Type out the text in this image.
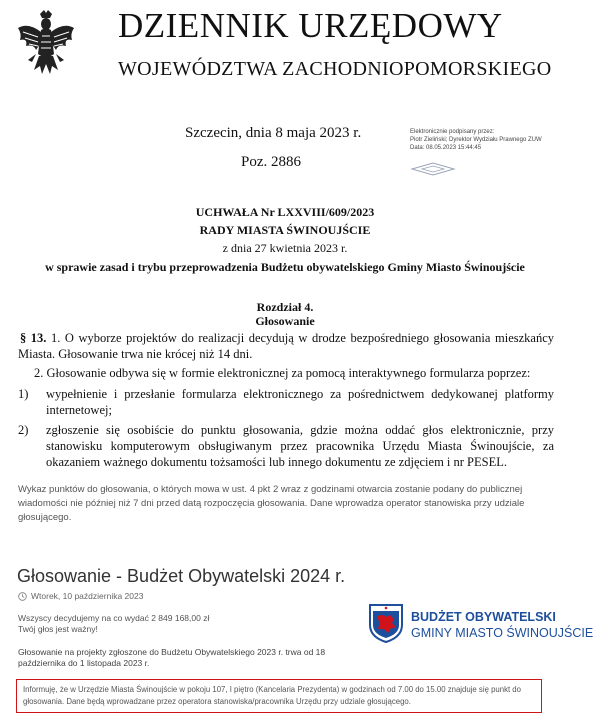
DZIENNIK URZĘDOWY
WOJEWÓDZTWA ZACHODNIOPOMORSKIEGO
Szczecin, dnia 8 maja 2023 r.
Poz. 2886
Elektronicznie podpisany przez:
Piotr Zieliński; Dyrektor Wydziału Prawnego ZUW
Data: 08.05.2023 15:44:45
UCHWAŁA Nr LXXVIII/609/2023
RADY MIASTA ŚWINOUJŚCIE
z dnia 27 kwietnia 2023 r.
w sprawie zasad i trybu przeprowadzenia Budżetu obywatelskiego Gminy Miasto Świnoujście
Rozdział 4.
Głosowanie
§ 13. 1. O wyborze projektów do realizacji decydują w drodze bezpośredniego głosowania mieszkańcy Miasta. Głosowanie trwa nie krócej niż 14 dni.
2. Głosowanie odbywa się w formie elektronicznej za pomocą interaktywnego formularza poprzez:
1) wypełnienie i przesłanie formularza elektronicznego za pośrednictwem dedykowanej platformy internetowej;
2) zgłoszenie się osobiście do punktu głosowania, gdzie można oddać głos elektronicznie, przy stanowisku komputerowym obsługiwanym przez pracownika Urzędu Miasta Świnoujście, za okazaniem ważnego dokumentu tożsamości lub innego dokumentu ze zdjęciem i nr PESEL.
Wykaz punktów do głosowania, o których mowa w ust. 4 pkt 2 wraz z godzinami otwarcia zostanie podany do publicznej wiadomości nie później niż 7 dni przed datą rozpoczęcia głosowania. Dane wprowadza operator stanowiska przy udziale głosującego.
Głosowanie - Budżet Obywatelski 2024 r.
Wtorek, 10 października 2023
Wszyscy decydujemy na co wydać 2 849 168,00 zł
Twój głos jest ważny!
Głosowanie na projekty zgłoszone do Budżetu Obywatelskiego 2023 r. trwa od 18 października do 1 listopada 2023 r.
BUDŻET OBYWATELSKI
GMINY MIASTO ŚWINOUJŚCIE
Informuję, że w Urzędzie Miasta Świnoujście w pokoju 107, I piętro (Kancelaria Prezydenta) w godzinach od 7.00 do 15.00 znajduje się punkt do głosowania. Dane będą wprowadzane przez operatora stanowiska/pracownika Urzędu przy udziale głosującego.
